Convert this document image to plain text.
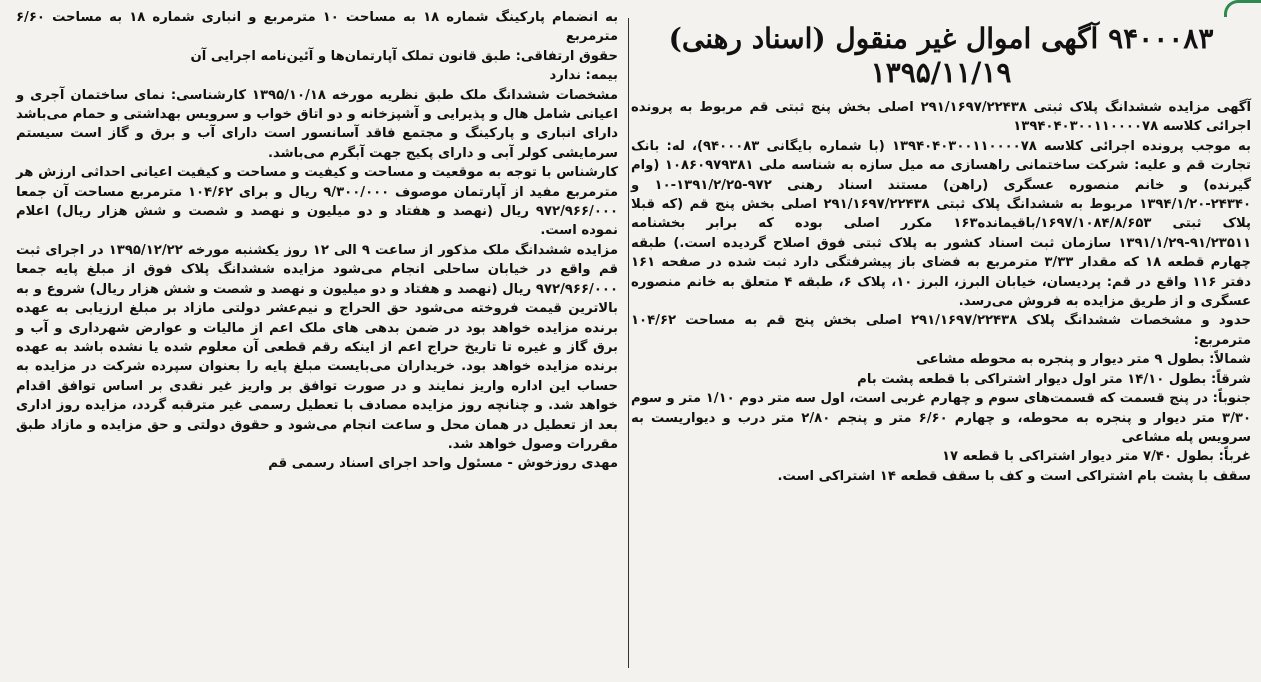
۹۴۰۰۰۸۳ آگهی اموال غیر منقول (اسناد رهنی)
۱۳۹۵/۱۱/۱۹

آگهی مزایده ششدانگ پلاک ثبتی ۲۹۱/۱۶۹۷/۲۲۴۳۸ اصلی بخش پنج ثبتی قم مربوط به پرونده اجرائی کلاسه ۱۳۹۴۰۴۰۳۰۰۱۱۰۰۰۰۷۸

به موجب پرونده اجرائی کلاسه ۱۳۹۴۰۴۰۳۰۰۱۱۰۰۰۰۷۸ (با شماره بایگانی ۹۴۰۰۰۸۳)، له: بانک تجارت قم و علیه: شرکت ساختمانی راهسازی مه میل سازه به شناسه ملی ۱۰۸۶۰۹۷۹۳۸۱ (وام گیرنده) و خانم منصوره عسگری (راهن) مستند اسناد رهنی ۹۷۲-۱۳۹۱/۲/۲۵-۱۰ و ۲۴۳۴۰-۱۳۹۴/۱/۲۰ مربوط به ششدانگ پلاک ثبتی ۲۹۱/۱۶۹۷/۲۲۴۳۸ اصلی بخش پنج قم (که قبلا پلاک ثبتی ۱۶۹۷/۱۰۸۴/۸/۶۵۳/باقیمانده۱۶۳ مکرر اصلی بوده که برابر بخشنامه ۹۱/۲۳۵۱۱-۱۳۹۱/۱/۲۹ سازمان ثبت اسناد کشور به پلاک ثبتی فوق اصلاح گردیده است.) طبقه چهارم قطعه ۱۸ که مقدار ۳/۳۳ مترمربع به فضای باز پیشرفتگی دارد ثبت شده در صفحه ۱۶۱ دفتر ۱۱۶ واقع در قم: پردیسان، خیابان البرز، البرز ۱۰، پلاک ۶، طبقه ۴ متعلق به خانم منصوره عسگری و از طریق مزایده به فروش می‌رسد.

حدود و مشخصات ششدانگ پلاک ۲۹۱/۱۶۹۷/۲۲۴۳۸ اصلی بخش پنج قم به مساحت ۱۰۴/۶۲ مترمربع:

شمالاً: بطول ۹ متر دیوار و پنجره به محوطه مشاعی

شرقاً: بطول ۱۴/۱۰ متر اول دیوار اشتراکی با قطعه پشت بام

جنوباً: در پنج قسمت که قسمت‌های سوم و چهارم غربی است، اول سه متر دوم ۱/۱۰ متر و سوم ۳/۳۰ متر دیوار و پنجره به محوطه، و چهارم ۶/۶۰ متر و پنجم ۲/۸۰ متر درب و دیواریست به سرویس پله مشاعی

غرباً: بطول ۷/۴۰ متر دیوار اشتراکی با قطعه ۱۷

سقف با پشت بام اشتراکی است و کف با سقف قطعه ۱۴ اشتراکی است.

به انضمام پارکینگ شماره ۱۸ به مساحت ۱۰ مترمربع و انباری شماره ۱۸ به مساحت ۶/۶۰ مترمربع

حقوق ارتفاقی: طبق قانون تملک آپارتمان‌ها و آئین‌نامه اجرایی آن

بیمه: ندارد

مشخصات ششدانگ ملک طبق نظریه مورخه ۱۳۹۵/۱۰/۱۸ کارشناسی: نمای ساختمان آجری و اعیانی شامل هال و پذیرایی و آشپزخانه و دو اتاق خواب و سرویس بهداشتی و حمام می‌باشد دارای انباری و پارکینگ و مجتمع فاقد آسانسور است دارای آب و برق و گاز است سیستم سرمایشی کولر آبی و دارای پکیج جهت آبگرم می‌باشد.

کارشناس با توجه به موقعیت و مساحت و کیفیت و مساحت و کیفیت اعیانی احداثی ارزش هر مترمربع مفید از آپارتمان موصوف ۹/۳۰۰/۰۰۰ ریال و برای ۱۰۴/۶۲ مترمربع مساحت آن جمعا ۹۷۲/۹۶۶/۰۰۰ ریال (نهصد و هفتاد و دو میلیون و نهصد و شصت و شش هزار ریال) اعلام نموده است.

مزایده ششدانگ ملک مذکور از ساعت ۹ الی ۱۲ روز یکشنبه مورخه ۱۳۹۵/۱۲/۲۲ در اجرای ثبت قم واقع در خیابان ساحلی انجام می‌شود مزایده ششدانگ پلاک فوق از مبلغ پایه جمعا ۹۷۲/۹۶۶/۰۰۰ ریال (نهصد و هفتاد و دو میلیون و نهصد و شصت و شش هزار ریال) شروع و به بالاترین قیمت فروخته می‌شود حق الحراج و نیم‌عشر دولتی مازاد بر مبلغ ارزیابی به عهده برنده مزایده خواهد بود در ضمن بدهی های ملک اعم از مالیات و عوارض شهرداری و آب و برق گاز و غیره تا تاریخ حراج اعم از اینکه رقم قطعی آن معلوم شده یا نشده باشد به عهده برنده مزایده خواهد بود. خریداران می‌بایست مبلغ پایه را بعنوان سپرده شرکت در مزایده به حساب این اداره واریز نمایند و در صورت توافق بر واریز غیر نقدی بر اساس توافق اقدام خواهد شد. و چنانچه روز مزایده مصادف با تعطیل رسمی غیر مترقبه گردد، مزایده روز اداری بعد از تعطیل در همان محل و ساعت انجام می‌شود و حقوق دولتی و حق مزایده و مازاد طبق مقررات وصول خواهد شد.

مهدی روزخوش - مسئول واحد اجرای اسناد رسمی قم
